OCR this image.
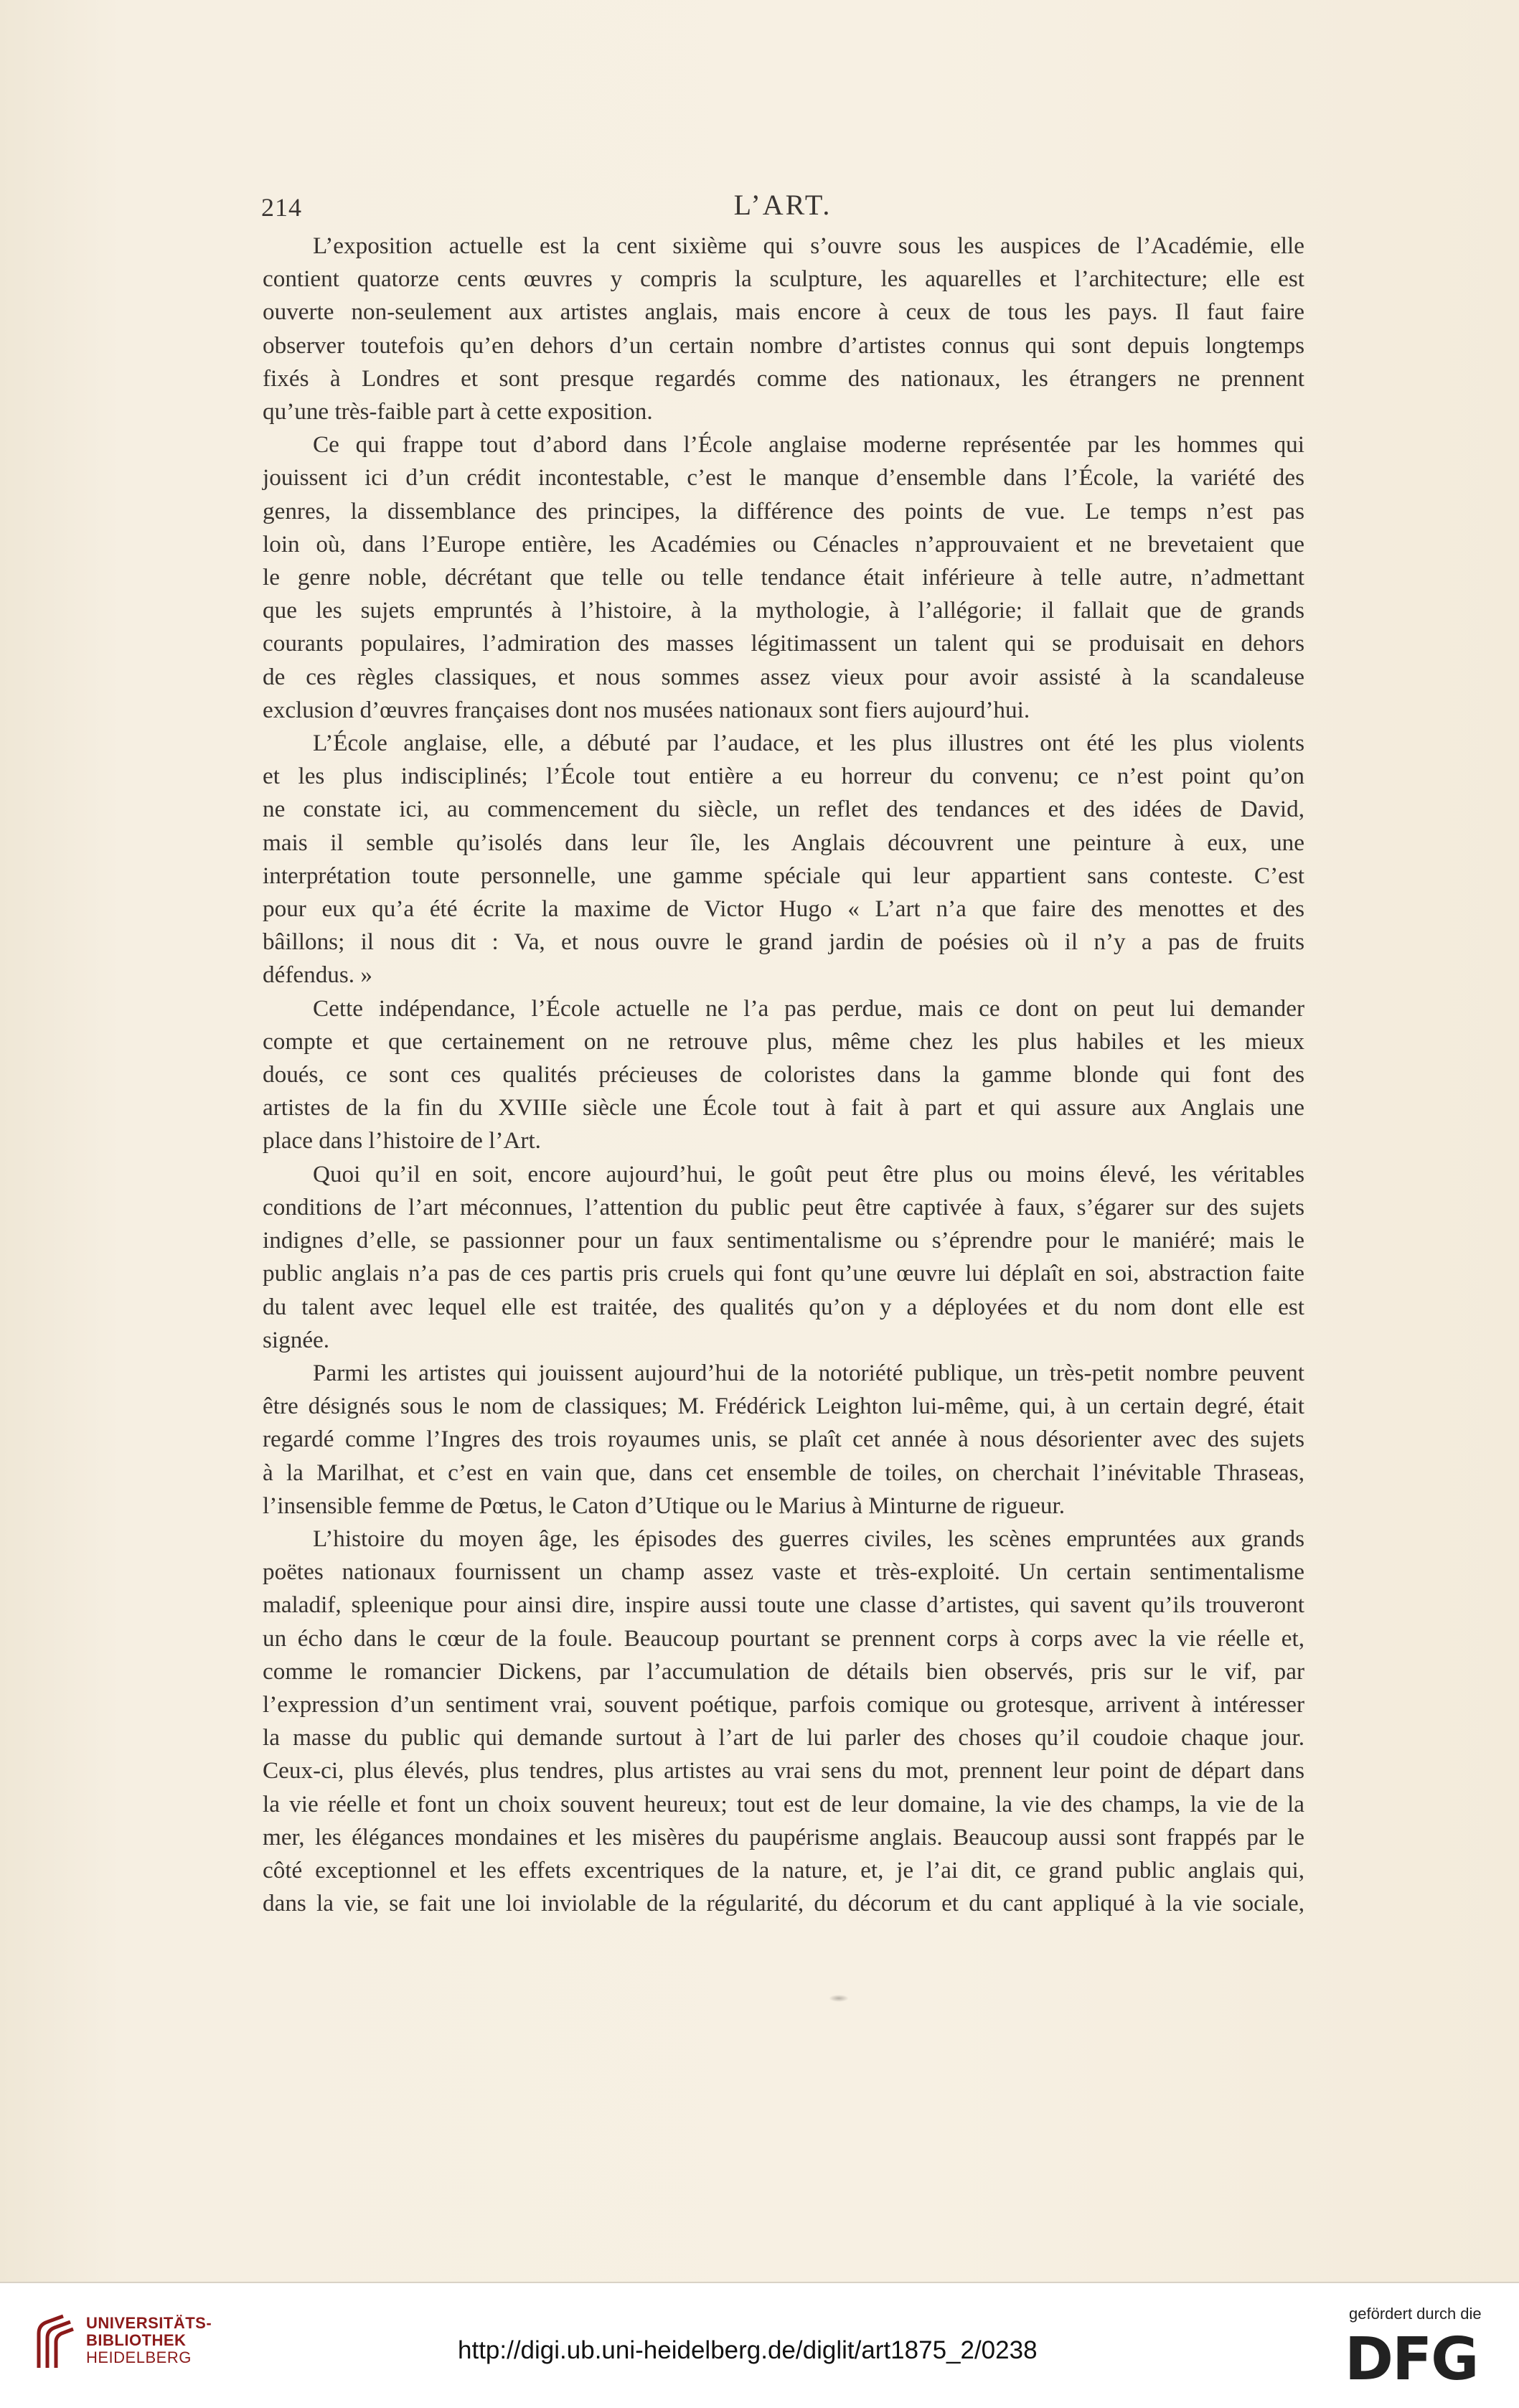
214	L’ART.
L’exposition actuelle est la cent sixième qui s’ouvre sous les auspices de l’Académie, elle
contient quatorze cents œuvres y compris la sculpture, les aquarelles et l’architecture; elle est
ouverte non-seulement aux artistes anglais, mais encore à ceux de tous les pays. Il faut faire
observer toutefois qu’en dehors d’un certain nombre d’artistes connus qui sont depuis longtemps
fixés à Londres et sont presque regardés comme des nationaux, les étrangers ne prennent
qu’une très-faible part à cette exposition.
Ce qui frappe tout d’abord dans l’École anglaise moderne représentée par les hommes qui
jouissent ici d’un crédit incontestable, c’est le manque d’ensemble dans l’École, la variété des
genres, la dissemblance des principes, la différence des points de vue. Le temps n’est pas
loin où, dans l’Europe entière, les Académies ou Cénacles n’approuvaient et ne brevetaient que
le genre noble, décrétant que telle ou telle tendance était inférieure à telle autre, n’admettant
que les sujets empruntés à l’histoire, à la mythologie, à l’allégorie; il fallait que de grands
courants populaires, l’admiration des masses légitimassent un talent qui se produisait en dehors
de ces règles classiques, et nous sommes assez vieux pour avoir assisté à la scandaleuse
exclusion d’œuvres françaises dont nos musées nationaux sont fiers aujourd’hui.
L’École anglaise, elle, a débuté par l’audace, et les plus illustres ont été les plus violents
et les plus indisciplinés; l’École tout entière a eu horreur du convenu; ce n’est point qu’on
ne constate ici, au commencement du siècle, un reflet des tendances et des idées de David,
mais il semble qu’isolés dans leur île, les Anglais découvrent une peinture à eux, une
interprétation toute personnelle, une gamme spéciale qui leur appartient sans conteste. C’est
pour eux qu’a été écrite la maxime de Victor Hugo « L’art n’a que faire des menottes et des
bâillons; il nous dit : Va, et nous ouvre le grand jardin de poésies où il n’y a pas de fruits
défendus. »
Cette indépendance, l’École actuelle ne l’a pas perdue, mais ce dont on peut lui demander
compte et que certainement on ne retrouve plus, même chez les plus habiles et les mieux
doués, ce sont ces qualités précieuses de coloristes dans la gamme blonde qui font des
artistes de la fin du XVIIIe siècle une École tout à fait à part et qui assure aux Anglais une
place dans l’histoire de l’Art.
Quoi qu’il en soit, encore aujourd’hui, le goût peut être plus ou moins élevé, les véritables
conditions de l’art méconnues, l’attention du public peut être captivée à faux, s’égarer sur des sujets
indignes d’elle, se passionner pour un faux sentimentalisme ou s’éprendre pour le maniéré; mais le
public anglais n’a pas de ces partis pris cruels qui font qu’une œuvre lui déplaît en soi, abstraction faite
du talent avec lequel elle est traitée, des qualités qu’on y a déployées et du nom dont elle est
signée.
Parmi les artistes qui jouissent aujourd’hui de la notoriété publique, un très-petit nombre peuvent
être désignés sous le nom de classiques; M. Frédérick Leighton lui-même, qui, à un certain degré, était
regardé comme l’Ingres des trois royaumes unis, se plaît cet année à nous désorienter avec des sujets
à la Marilhat, et c’est en vain que, dans cet ensemble de toiles, on cherchait l’inévitable Thraseas,
l’insensible femme de Pœtus, le Caton d’Utique ou le Marius à Minturne de rigueur.
L’histoire du moyen âge, les épisodes des guerres civiles, les scènes empruntées aux grands
poëtes nationaux fournissent un champ assez vaste et très-exploité. Un certain sentimentalisme
maladif, spleenique pour ainsi dire, inspire aussi toute une classe d’artistes, qui savent qu’ils trouveront
un écho dans le cœur de la foule. Beaucoup pourtant se prennent corps à corps avec la vie réelle et,
comme le romancier Dickens, par l’accumulation de détails bien observés, pris sur le vif, par
l’expression d’un sentiment vrai, souvent poétique, parfois comique ou grotesque, arrivent à intéresser
la masse du public qui demande surtout à l’art de lui parler des choses qu’il coudoie chaque jour.
Ceux-ci, plus élevés, plus tendres, plus artistes au vrai sens du mot, prennent leur point de départ dans
la vie réelle et font un choix souvent heureux; tout est de leur domaine, la vie des champs, la vie de la
mer, les élégances mondaines et les misères du paupérisme anglais. Beaucoup aussi sont frappés par le
côté exceptionnel et les effets excentriques de la nature, et, je l’ai dit, ce grand public anglais qui,
dans la vie, se fait une loi inviolable de la régularité, du décorum et du cant appliqué à la vie sociale,
UNIVERSITÄTS-
BIBLIOTHEK
HEIDELBERG	http://digi.ub.uni-heidelberg.de/diglit/art1875_2/0238
gefördert durch die
DFG
